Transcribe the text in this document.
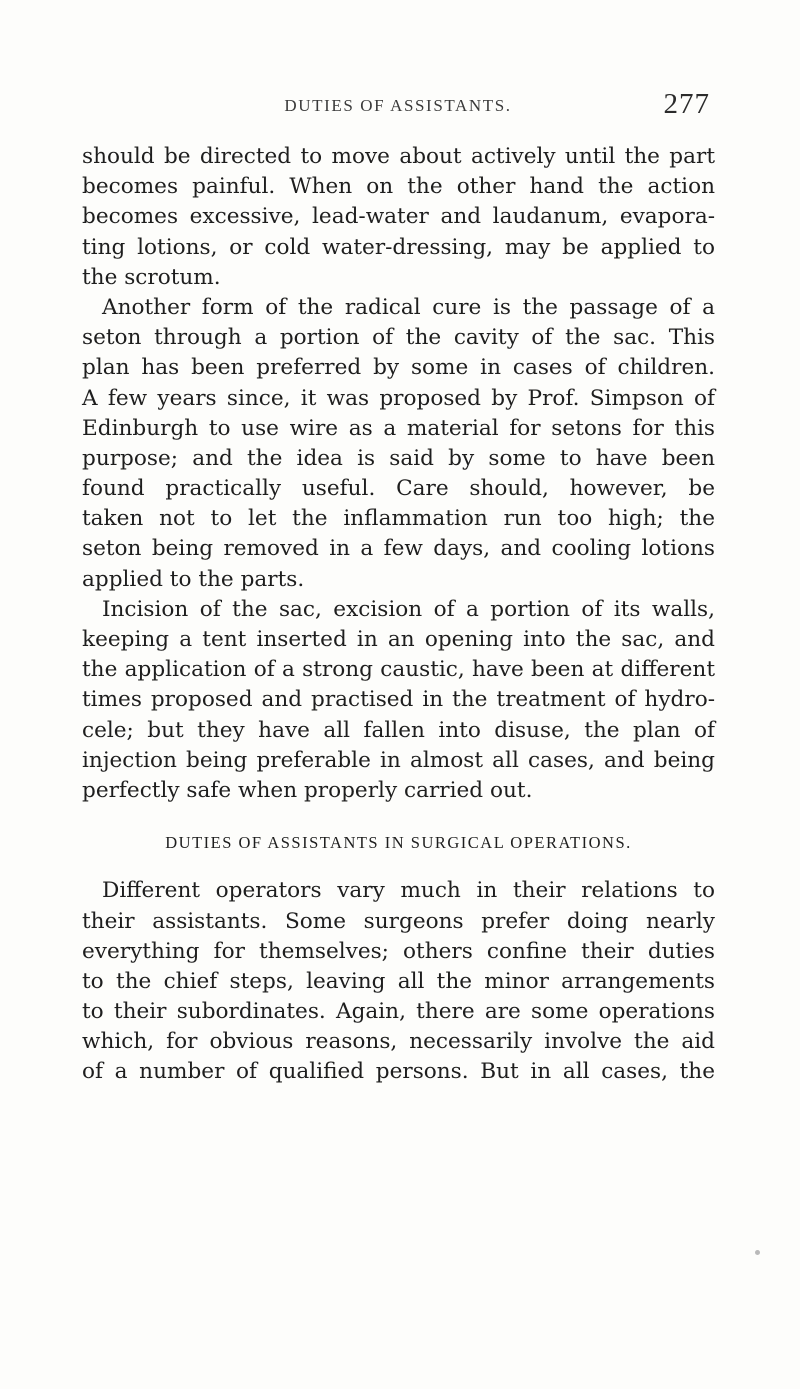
DUTIES OF ASSISTANTS.	277
should be directed to move about actively until the part
becomes painful. When on the other hand the action
becomes excessive, lead-water and laudanum, evapora-
ting lotions, or cold water-dressing, may be applied to
the scrotum.
Another form of the radical cure is the passage of a
seton through a portion of the cavity of the sac. This
plan has been preferred by some in cases of children.
A few years since, it was proposed by Prof. Simpson of
Edinburgh to use wire as a material for setons for this
purpose; and the idea is said by some to have been
found practically useful. Care should, however, be
taken not to let the inflammation run too high; the
seton being removed in a few days, and cooling lotions
applied to the parts.
Incision of the sac, excision of a portion of its walls,
keeping a tent inserted in an opening into the sac, and
the application of a strong caustic, have been at different
times proposed and practised in the treatment of hydro-
cele; but they have all fallen into disuse, the plan of
injection being preferable in almost all cases, and being
perfectly safe when properly carried out.
DUTIES OF ASSISTANTS IN SURGICAL OPERATIONS.
Different operators vary much in their relations to
their assistants. Some surgeons prefer doing nearly
everything for themselves; others confine their duties
to the chief steps, leaving all the minor arrangements
to their subordinates. Again, there are some operations
which, for obvious reasons, necessarily involve the aid
of a number of qualified persons. But in all cases, the
